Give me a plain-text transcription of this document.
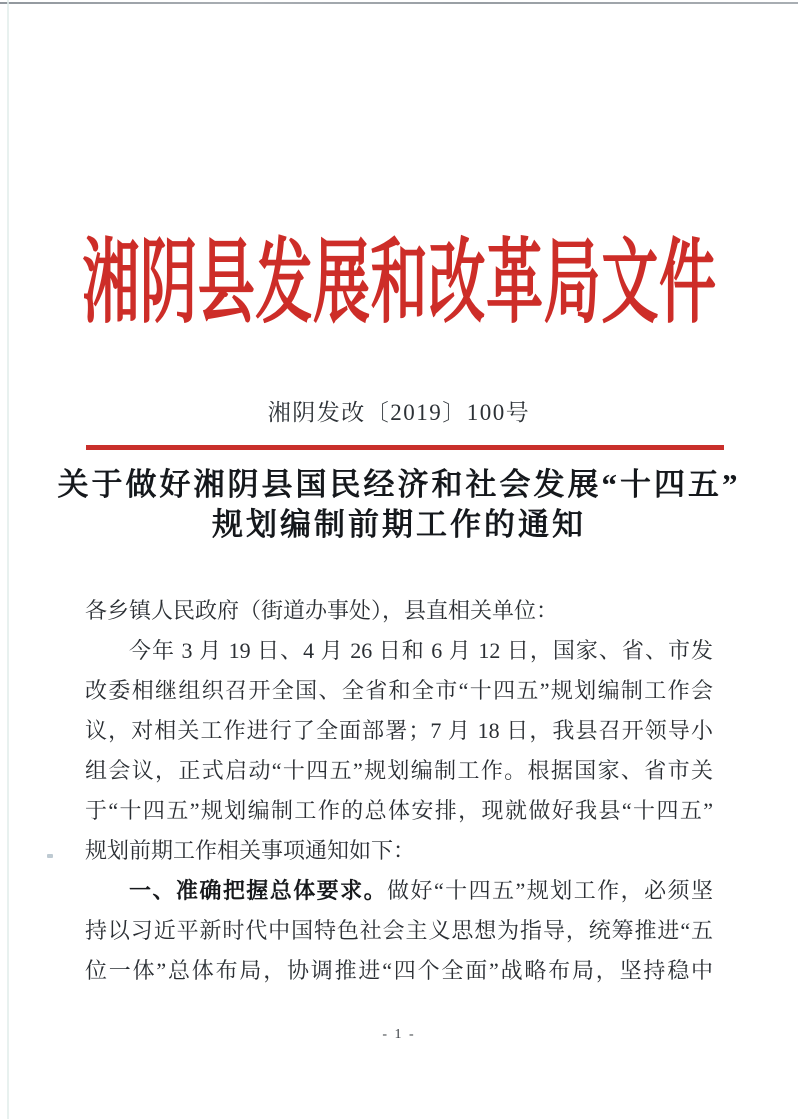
湘阴县发展和改革局文件
湘阴发改〔2019〕100号
关于做好湘阴县国民经济和社会发展“十四五”
规划编制前期工作的通知
各乡镇人民政府（街道办事处），县直相关单位：
今年 3 月 19 日、4 月 26 日和 6 月 12 日，国家、省、市发
改委相继组织召开全国、全省和全市“十四五”规划编制工作会
议，对相关工作进行了全面部署；7 月 18 日，我县召开领导小
组会议，正式启动“十四五”规划编制工作。根据国家、省市关
于“十四五”规划编制工作的总体安排，现就做好我县“十四五”
规划前期工作相关事项通知如下：
一、准确把握总体要求。做好“十四五”规划工作，必须坚
持以习近平新时代中国特色社会主义思想为指导，统筹推进“五
位一体”总体布局，协调推进“四个全面”战略布局，坚持稳中
- 1 -
